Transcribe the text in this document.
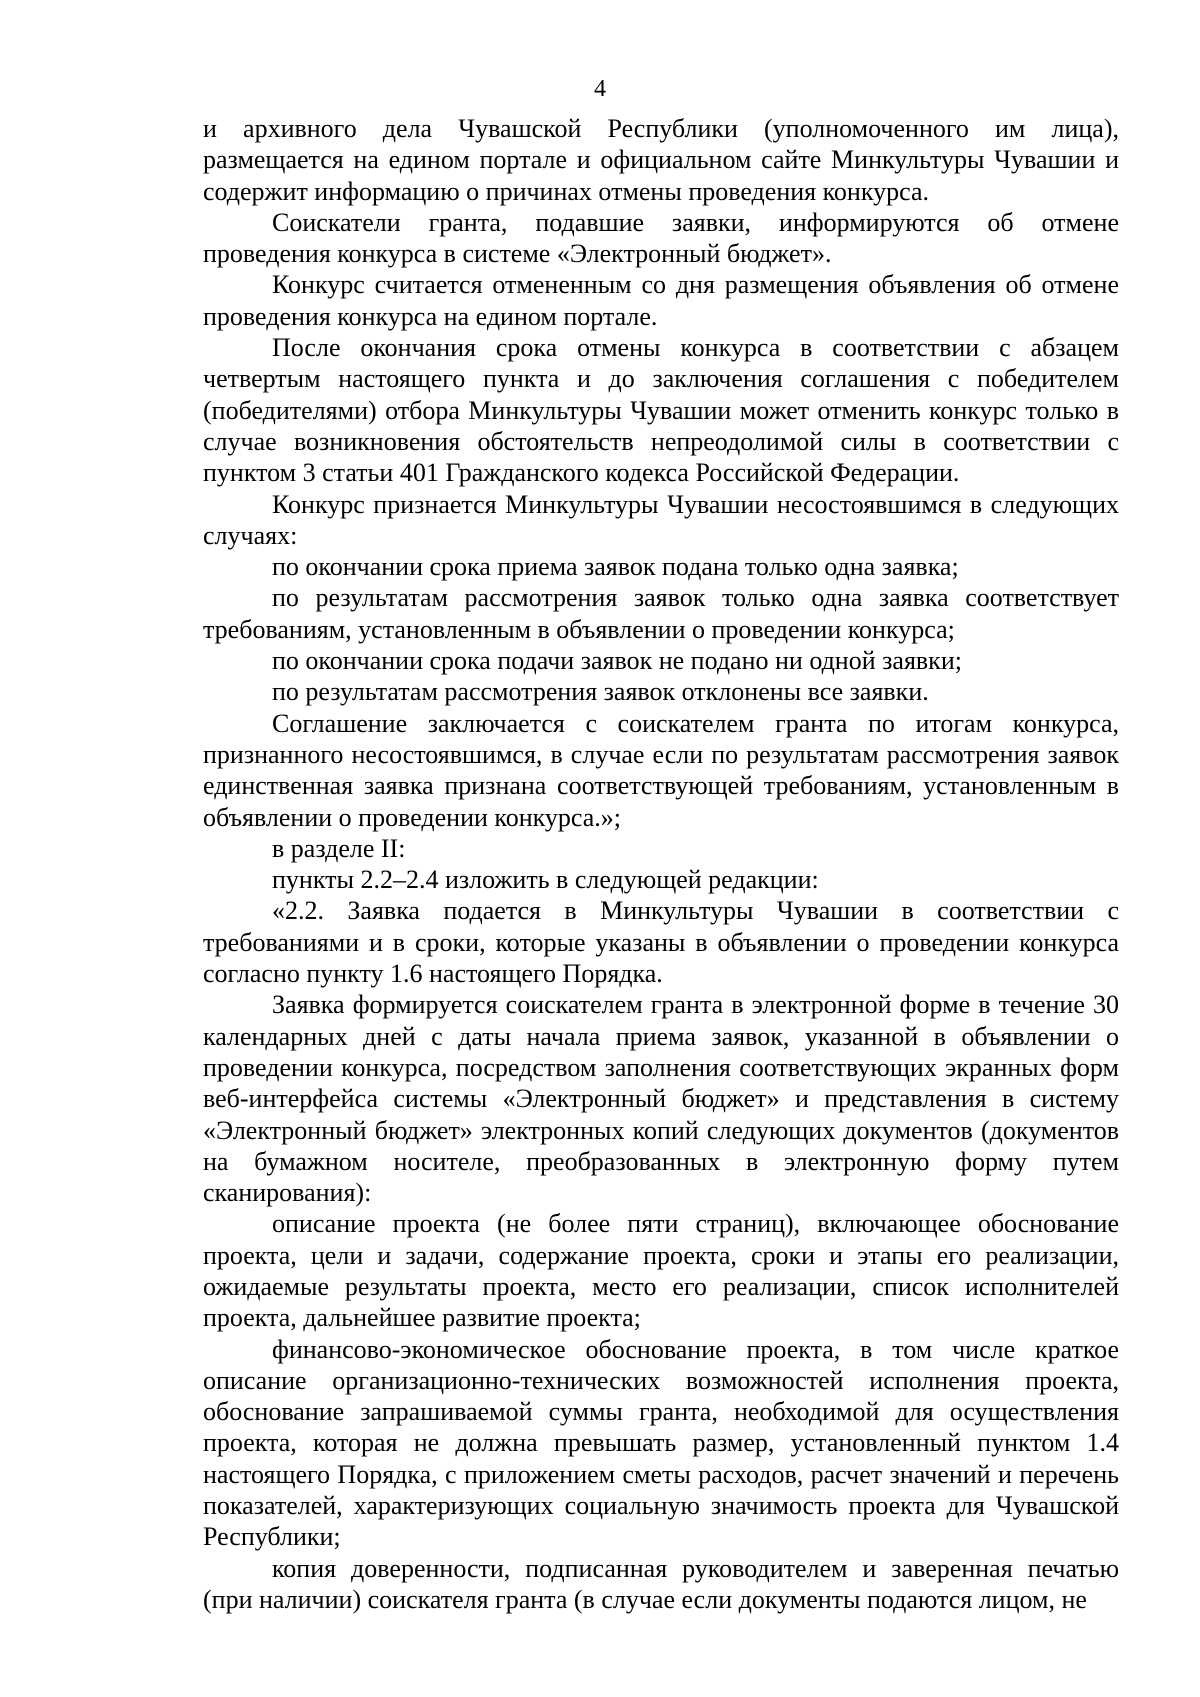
4

и архивного дела Чувашской Республики (уполномоченного им лица), размещается на едином портале и официальном сайте Минкультуры Чувашии и содержит информацию о причинах отмены проведения конкурса.

Соискатели гранта, подавшие заявки, информируются об отмене проведения конкурса в системе «Электронный бюджет».

Конкурс считается отмененным со дня размещения объявления об отмене проведения конкурса на едином портале.

После окончания срока отмены конкурса в соответствии с абзацем четвертым настоящего пункта и до заключения соглашения с победителем (победителями) отбора Минкультуры Чувашии может отменить конкурс только в случае возникновения обстоятельств непреодолимой силы в соответствии с пунктом 3 статьи 401 Гражданского кодекса Российской Федерации.

Конкурс признается Минкультуры Чувашии несостоявшимся в следующих случаях:

по окончании срока приема заявок подана только одна заявка;

по результатам рассмотрения заявок только одна заявка соответствует требованиям, установленным в объявлении о проведении конкурса;

по окончании срока подачи заявок не подано ни одной заявки;

по результатам рассмотрения заявок отклонены все заявки.

Соглашение заключается с соискателем гранта по итогам конкурса, признанного несостоявшимся, в случае если по результатам рассмотрения заявок единственная заявка признана соответствующей требованиям, установленным в объявлении о проведении конкурса.»;

в разделе II:

пункты 2.2–2.4 изложить в следующей редакции:

«2.2. Заявка подается в Минкультуры Чувашии в соответствии с требованиями и в сроки, которые указаны в объявлении о проведении конкурса согласно пункту 1.6 настоящего Порядка.

Заявка формируется соискателем гранта в электронной форме в течение 30 календарных дней с даты начала приема заявок, указанной в объявлении о проведении конкурса, посредством заполнения соответствующих экранных форм веб-интерфейса системы «Электронный бюджет» и представления в систему «Электронный бюджет» электронных копий следующих документов (документов на бумажном носителе, преобразованных в электронную форму путем сканирования):

описание проекта (не более пяти страниц), включающее обоснование проекта, цели и задачи, содержание проекта, сроки и этапы его реализации, ожидаемые результаты проекта, место его реализации, список исполнителей проекта, дальнейшее развитие проекта;

финансово-экономическое обоснование проекта, в том числе краткое описание организационно-технических возможностей исполнения проекта, обоснование запрашиваемой суммы гранта, необходимой для осуществления проекта, которая не должна превышать размер, установленный пунктом 1.4 настоящего Порядка, с приложением сметы расходов, расчет значений и перечень показателей, характеризующих социальную значимость проекта для Чувашской Республики;

копия доверенности, подписанная руководителем и заверенная печатью (при наличии) соискателя гранта (в случае если документы подаются лицом, не
